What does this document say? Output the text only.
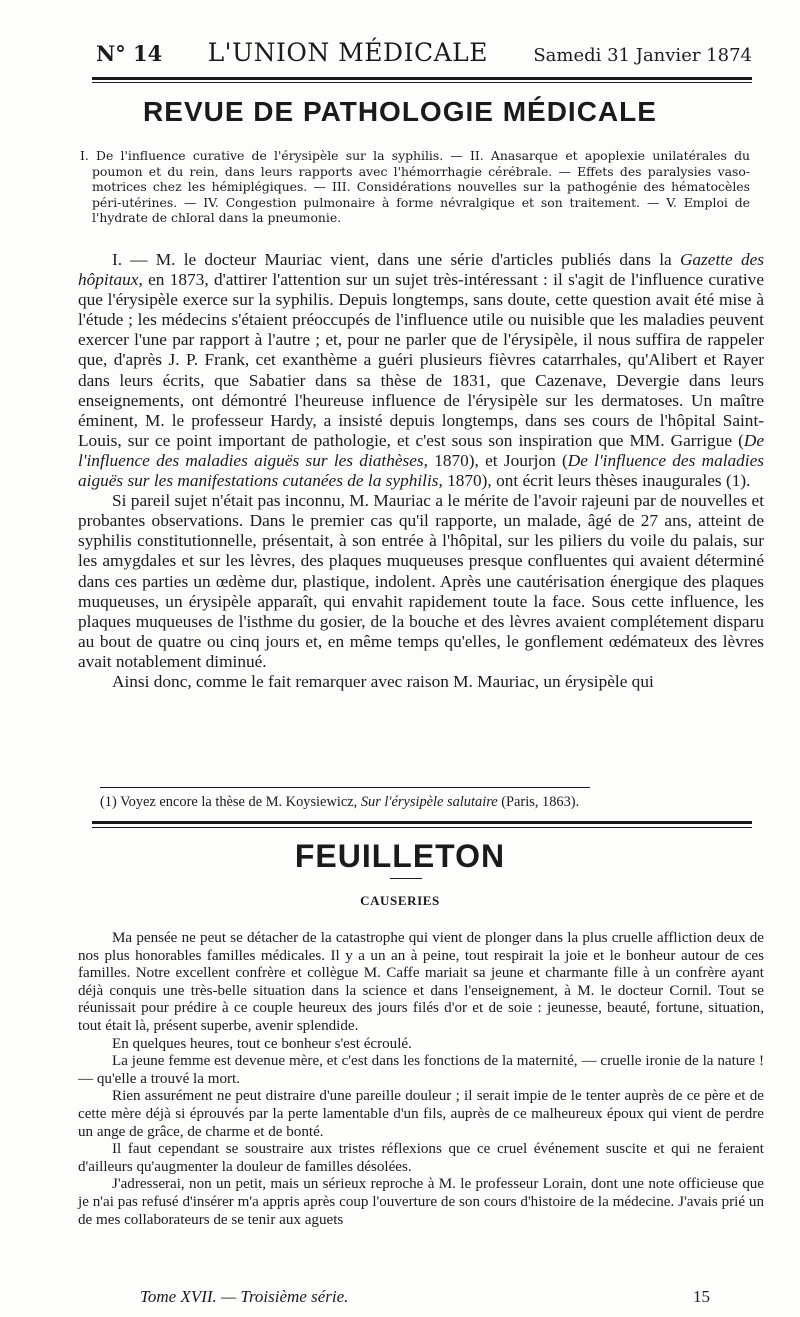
N° 14 L'UNION MÉDICALE	Samedi 31 Janvier 1874
REVUE DE PATHOLOGIE MÉDICALE

I. De l'influence curative de l'érysipèle sur la syphilis. — II. Anasarque et apoplexie unilatérales du poumon et du rein, dans leurs rapports avec l'hémorrhagie cérébrale. — Effets des paralysies vaso-motrices chez les hémiplégiques. — III. Considérations nouvelles sur la pathogénie des hématocèles péri-utérines. — IV. Congestion pulmonaire à forme névralgique et son traitement. — V. Emploi de l'hydrate de chloral dans la pneumonie.

I. — M. le docteur Mauriac vient, dans une série d'articles publiés dans la Gazette des hôpitaux, en 1873, d'attirer l'attention sur un sujet très-intéressant : il s'agit de l'influence curative que l'érysipèle exerce sur la syphilis. Depuis longtemps, sans doute, cette question avait été mise à l'étude ; les médecins s'étaient préoccupés de l'influence utile ou nuisible que les maladies peuvent exercer l'une par rapport à l'autre ; et, pour ne parler que de l'érysipèle, il nous suffira de rappeler que, d'après J. P. Frank, cet exanthème a guéri plusieurs fièvres catarrhales, qu'Alibert et Rayer dans leurs écrits, que Sabatier dans sa thèse de 1831, que Cazenave, Devergie dans leurs enseignements, ont démontré l'heureuse influence de l'érysipèle sur les dermatoses. Un maître éminent, M. le professeur Hardy, a insisté depuis longtemps, dans ses cours de l'hôpital Saint-Louis, sur ce point important de pathologie, et c'est sous son inspiration que MM. Garrigue (De l'influence des maladies aiguës sur les diathèses, 1870), et Jourjon (De l'influence des maladies aiguës sur les manifestations cutanées de la syphilis, 1870), ont écrit leurs thèses inaugurales (1).

Si pareil sujet n'était pas inconnu, M. Mauriac a le mérite de l'avoir rajeuni par de nouvelles et probantes observations. Dans le premier cas qu'il rapporte, un malade, âgé de 27 ans, atteint de syphilis constitutionnelle, présentait, à son entrée à l'hôpital, sur les piliers du voile du palais, sur les amygdales et sur les lèvres, des plaques muqueuses presque confluentes qui avaient déterminé dans ces parties un œdème dur, plastique, indolent. Après une cautérisation énergique des plaques muqueuses, un érysipèle apparaît, qui envahit rapidement toute la face. Sous cette influence, les plaques muqueuses de l'isthme du gosier, de la bouche et des lèvres avaient complétement disparu au bout de quatre ou cinq jours et, en même temps qu'elles, le gonflement œdémateux des lèvres avait notablement diminué.

Ainsi donc, comme le fait remarquer avec raison M. Mauriac, un érysipèle qui

(1) Voyez encore la thèse de M. Koysiewicz, Sur l'érysipèle salutaire (Paris, 1863).
FEUILLETON
CAUSERIES

Ma pensée ne peut se détacher de la catastrophe qui vient de plonger dans la plus cruelle affliction deux de nos plus honorables familles médicales. Il y a un an à peine, tout respirait la joie et le bonheur autour de ces familles. Notre excellent confrère et collègue M. Caffe mariait sa jeune et charmante fille à un confrère ayant déjà conquis une très-belle situation dans la science et dans l'enseignement, à M. le docteur Cornil. Tout se réunissait pour prédire à ce couple heureux des jours filés d'or et de soie : jeunesse, beauté, fortune, situation, tout était là, présent superbe, avenir splendide.

En quelques heures, tout ce bonheur s'est écroulé.

La jeune femme est devenue mère, et c'est dans les fonctions de la maternité, — cruelle ironie de la nature ! — qu'elle a trouvé la mort.

Rien assurément ne peut distraire d'une pareille douleur ; il serait impie de le tenter auprès de ce père et de cette mère déjà si éprouvés par la perte lamentable d'un fils, auprès de ce malheureux époux qui vient de perdre un ange de grâce, de charme et de bonté.

Il faut cependant se soustraire aux tristes réflexions que ce cruel événement suscite et qui ne feraient d'ailleurs qu'augmenter la douleur de familles désolées.

J'adresserai, non un petit, mais un sérieux reproche à M. le professeur Lorain, dont une note officieuse que je n'ai pas refusé d'insérer m'a appris après coup l'ouverture de son cours d'histoire de la médecine. J'avais prié un de mes collaborateurs de se tenir aux aguets

Tome XVII. — Troisième série.	15
